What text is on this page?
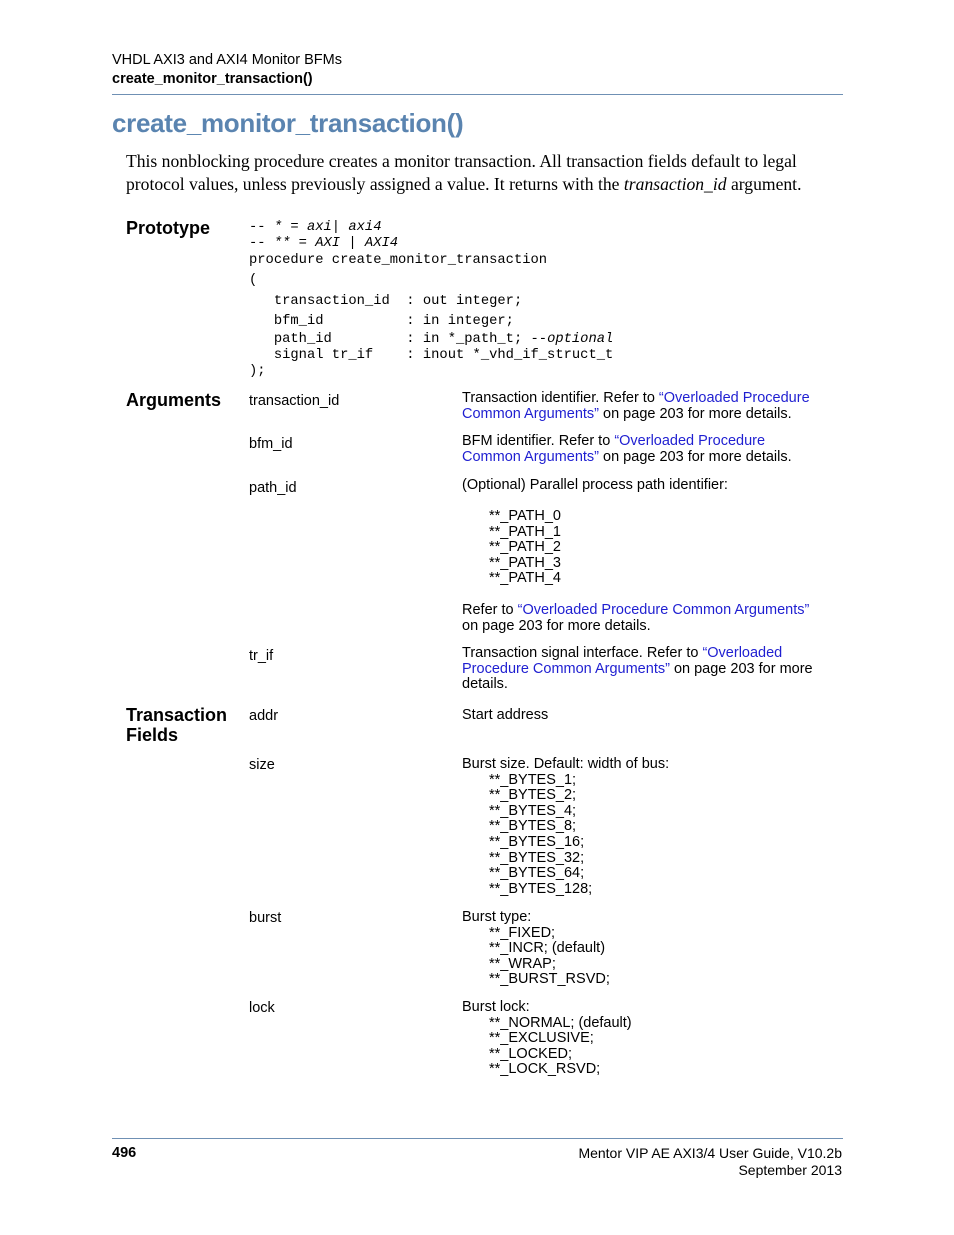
VHDL AXI3 and AXI4 Monitor BFMs
create_monitor_transaction()
create_monitor_transaction()
This nonblocking procedure creates a monitor transaction. All transaction fields default to legal protocol values, unless previously assigned a value. It returns with the transaction_id argument.
Prototype	-- * = axi| axi4
-- ** = AXI | AXI4
procedure create_monitor_transaction
(
transaction_id  : out integer;
bfm_id          : in integer;
path_id         : in *_path_t; --optional
signal tr_if    : inout *_vhd_if_struct_t
);
Arguments transaction_id	Transaction identifier. Refer to “Overloaded Procedure
Common Arguments” on page 203 for more details.
bfm_id	BFM identifier. Refer to “Overloaded Procedure
Common Arguments” on page 203 for more details.
path_id	(Optional) Parallel process path identifier:
**_PATH_0
**_PATH_1
**_PATH_2
**_PATH_3
**_PATH_4
Refer to “Overloaded Procedure Common Arguments”
on page 203 for more details.
tr_if	Transaction signal interface. Refer to “Overloaded
Procedure Common Arguments” on page 203 for more details.
Transaction
Fields
addr	Start address
size	Burst size. Default: width of bus:
**_BYTES_1;
**_BYTES_2;
**_BYTES_4;
**_BYTES_8;
**_BYTES_16;
**_BYTES_32;
**_BYTES_64;
**_BYTES_128;
burst	Burst type:
**_FIXED;
**_INCR; (default)
**_WRAP;
**_BURST_RSVD;
lock	Burst lock:
**_NORMAL; (default)
**_EXCLUSIVE;
**_LOCKED;
**_LOCK_RSVD;
496	Mentor VIP AE AXI3/4 User Guide, V10.2b
September 2013
